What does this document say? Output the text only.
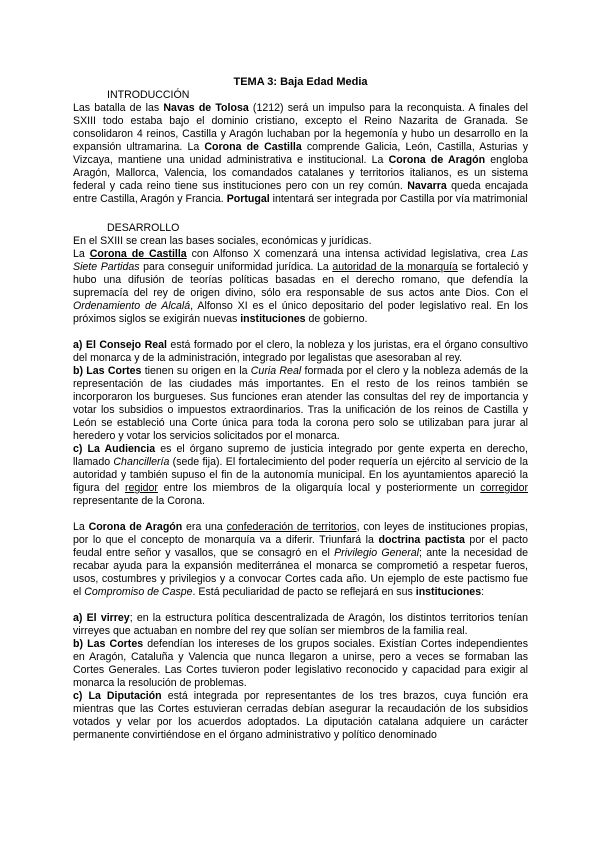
TEMA 3: Baja Edad Media
INTRODUCCIÓN

Las batalla de las Navas de Tolosa (1212) será un impulso para la reconquista. A finales del SXIII todo estaba bajo el dominio cristiano, excepto el Reino Nazarita de Granada. Se consolidaron 4 reinos, Castilla y Aragón luchaban por la hegemonía y hubo un desarrollo en la expansión ultramarina. La Corona de Castilla comprende Galicia, León, Castilla, Asturias y Vizcaya, mantiene una unidad administrativa e institucional. La Corona de Aragón engloba Aragón, Mallorca, Valencia, los comandados catalanes y territorios italianos, es un sistema federal y cada reino tiene sus instituciones pero con un rey común. Navarra queda encajada entre Castilla, Aragón y Francia. Portugal intentará ser integrada por Castilla por vía matrimonial

DESARROLLO

En el SXIII se crean las bases sociales, económicas y jurídicas.

La Corona de Castilla con Alfonso X comenzará una intensa actividad legislativa, crea Las Siete Partidas para conseguir uniformidad jurídica. La autoridad de la monarquía se fortaleció y hubo una difusión de teorías políticas basadas en el derecho romano, que defendía la supremacía del rey de origen divino, sólo era responsable de sus actos ante Dios. Con el Ordenamiento de Alcalá, Alfonso XI es el único depositario del poder legislativo real. En los próximos siglos se exigirán nuevas instituciones de gobierno.

a) El Consejo Real está formado por el clero, la nobleza y los juristas, era el órgano consultivo del monarca y de la administración, integrado por legalistas que asesoraban al rey.

b) Las Cortes tienen su origen en la Curia Real formada por el clero y la nobleza además de la representación de las ciudades más importantes. En el resto de los reinos también se incorporaron los burgueses. Sus funciones eran atender las consultas del rey de importancia y votar los subsidios o impuestos extraordinarios. Tras la unificación de los reinos de Castilla y León se estableció una Corte única para toda la corona pero solo se utilizaban para jurar al heredero y votar los servicios solicitados por el monarca.

c) La Audiencia es el órgano supremo de justicia integrado por gente experta en derecho, llamado Chancillería (sede fija). El fortalecimiento del poder requería un ejército al servicio de la autoridad y también supuso el fin de la autonomía municipal. En los ayuntamientos apareció la figura del regidor entre los miembros de la oligarquía local y posteriormente un corregidor representante de la Corona.

La Corona de Aragón era una confederación de territorios, con leyes de instituciones propias, por lo que el concepto de monarquía va a diferir. Triunfará la doctrina pactista por el pacto feudal entre señor y vasallos, que se consagró en el Privilegio General; ante la necesidad de recabar ayuda para la expansión mediterránea el monarca se comprometió a respetar fueros, usos, costumbres y privilegios y a convocar Cortes cada año. Un ejemplo de este pactismo fue el Compromiso de Caspe. Está peculiaridad de pacto se reflejará en sus instituciones:

a) El virrey; en la estructura política descentralizada de Aragón, los distintos territorios tenían virreyes que actuaban en nombre del rey que solían ser miembros de la familia real.

b) Las Cortes defendían los intereses de los grupos sociales. Existían Cortes independientes en Aragón, Cataluña y Valencia que nunca llegaron a unirse, pero a veces se formaban las Cortes Generales. Las Cortes tuvieron poder legislativo reconocido y capacidad para exigir al monarca la resolución de problemas.

c) La Diputación está integrada por representantes de los tres brazos, cuya función era mientras que las Cortes estuvieran cerradas debían asegurar la recaudación de los subsidios votados y velar por los acuerdos adoptados. La diputación catalana adquiere un carácter permanente convirtiéndose en el órgano administrativo y político denominado
